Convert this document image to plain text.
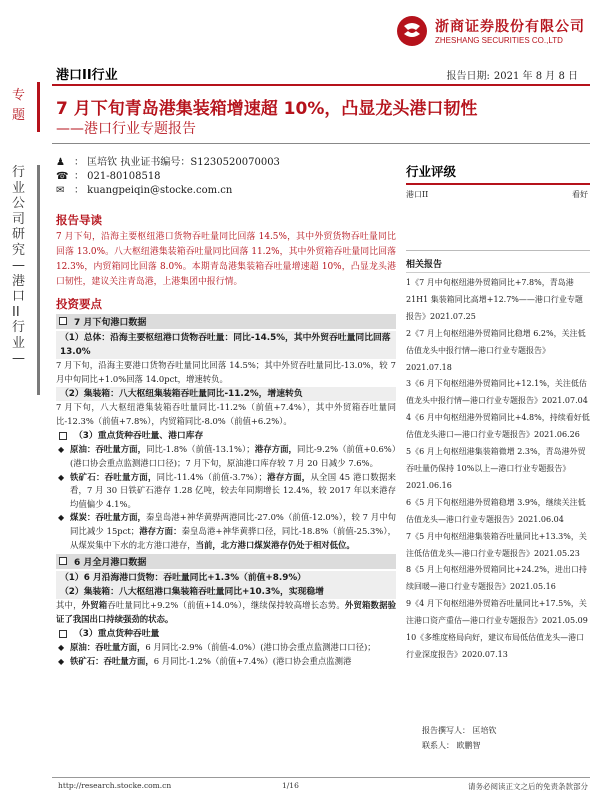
浙商证券股份有限公司
ZHESHANG SECURITIES CO.,LTD
港口II行业	报告日期: 2021 年 8 月 8 日
专题
行业公司研究—港口II行业—
7 月下旬青岛港集装箱增速超 10%，凸显龙头港口韧性
——港口行业专题报告
♟ ： 匡培钦 执业证书编号：S1230520070003
☎ ： 021-80108518
✉ ： kuangpeiqin@stocke.com.cn
报告导读
7 月下旬，沿海主要枢纽港口货物吞吐量同比回落 14.5%，其中外贸货物吞吐量同比回落 13.0%。八大枢纽港集装箱吞吐量同比回落 11.2%，其中外贸箱吞吐量同比回落 12.3%，内贸箱同比回落 8.0%。本期青岛港集装箱吞吐量增速超 10%，凸显龙头港口韧性，建议关注青岛港，上港集团中报行情。
投资要点
7 月下旬港口数据
（1）总体：沿海主要枢纽港口货物吞吐量：同比-14.5%，其中外贸吞吐量同比回落 13.0%
7 月下旬，沿海主要港口货物吞吐量同比回落 14.5%；其中外贸吞吐量同比-13.0%，较 7 月中旬同比+1.0%回落 14.0pct，增速转负。
（2）集装箱：八大枢纽集装箱吞吐量同比-11.2%，增速转负
7 月下旬，八大枢纽港集装箱吞吐量同比-11.2%（前值+7.4%），其中外贸箱吞吐量同比-12.3%（前值+7.8%），内贸箱同比-8.0%（前值+6.2%）。
（3）重点货种吞吐量、港口库存
◆ 原油：吞吐量方面，同比-1.8%（前值-13.1%）；港存方面，同比-9.2%（前值+0.6%）(港口协会重点监测港口口径)；7 月下旬，原油港口库存较 7 月 20 日减少 7.6%。
◆ 铁矿石：吞吐量方面，同比-11.4%（前值-3.7%）；港存方面，从全国 45 港口数据来看，7 月 30 日铁矿石港存 1.28 亿吨，较去年同期增长 12.4%，较 2017 年以来港存均值偏少 4.1%。
◆ 煤炭：吞吐量方面，秦皇岛港+神华黄骅两港同比-27.0%（前值-12.0%），较 7 月中旬同比减少 15pct；港存方面：秦皇岛港+神华黄骅口径，同比-18.8%（前值-25.3%），从煤炭集中下水的北方港口港存，当前，北方港口煤炭港存仍处于相对低位。
6 月全月港口数据
（1）6 月沿海港口货物：吞吐量同比+1.3%（前值+8.9%）
（2）集装箱：八大枢纽港口集装箱吞吐量同比+10.3%，实现稳增
其中，外贸箱吞吐量同比+9.2%（前值+14.0%），继续保持较高增长态势。外贸箱数据验证了我国出口持续强劲的状态。
（3）重点货种吞吐量
◆ 原油：吞吐量方面，6 月同比-2.9%（前值-4.0%）(港口协会重点监测港口口径)；
◆ 铁矿石：吞吐量方面，6 月同比-1.2%（前值+7.4%）(港口协会重点监测港
行业评级
港口II	看好
相关报告
1《7 月中旬枢纽港外贸箱同比+7.8%，青岛港 21H1 集装箱同比高增+12.7%——港口行业专题报告》2021.07.25
2《7 月上旬枢纽港外贸箱同比稳增 6.2%，关注低估值龙头中报行情—港口行业专题报告》2021.07.18
3《6 月下旬枢纽港外贸箱同比+12.1%，关注低估值龙头中报行情—港口行业专题报告》2021.07.04
4《6 月中旬枢纽港外贸箱同比+4.8%，持续看好低估值龙头港口—港口行业专题报告》2021.06.26
5《6 月上旬枢纽港集装箱微增 2.3%，青岛港外贸吞吐量仍保持 10%以上—港口行业专题报告》2021.06.16
6《5 月下旬枢纽港外贸箱稳增 3.9%，继续关注低估值龙头—港口行业专题报告》2021.06.04
7《5 月中旬枢纽港集装箱吞吐量同比+13.3%，关注低估值龙头—港口行业专题报告》2021.05.23
8《5 月上旬枢纽港外贸箱同比+24.2%，进出口持续回暖—港口行业专题报告》2021.05.16
9《4 月下旬枢纽港外贸箱吞吐量同比+17.5%，关注港口资产重估—港口行业专题报告》2021.05.09
10《多维度格局向好，建议布局低估值龙头—港口行业深度报告》2020.07.13
报告撰写人： 匡培钦
联系人： 欧鹏智
http://research.stocke.com.cn	1/16	请务必阅读正文之后的免责条款部分
